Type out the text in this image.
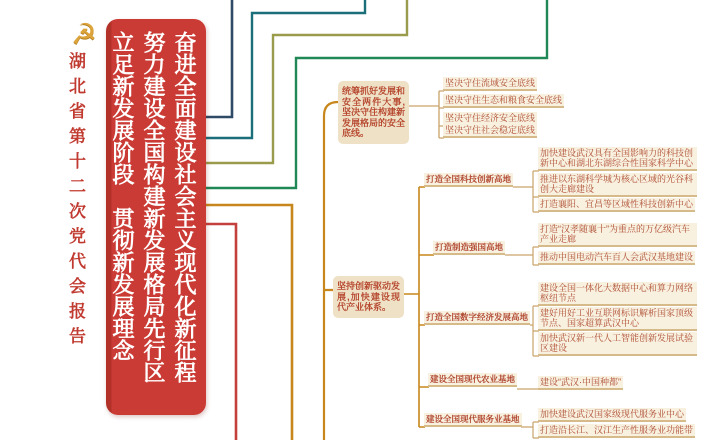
☭
湖北省第十二次党代会报告	奋进全面建设社会主义现代化新征程
努力建设全国构建新发展格局先行区
立足新发展阶段　贯彻新发展理念	统筹抓好发展和安全两件大事,坚决守住构建新发展格局的安全底线。
坚决守住流域安全底线
坚决守住生态和粮食安全底线
坚决守住经济安全底线
坚决守住社会稳定底线
坚持创新驱动发展,加快建设现代产业体系。
打造全国科技创新高地
打造制造强国高地
打造全国数字经济发展高地
建设全国现代农业基地
建设全国现代服务业基地
加快建设武汉具有全国影响力的科技创新中心和湖北东湖综合性国家科学中心
推进以东湖科学城为核心区域的光谷科创大走廊建设
打造襄阳、宜昌等区域性科技创新中心
打造“汉孝随襄十”为重点的万亿级汽车产业走廊
推动中国电动汽车百人会武汉基地建设
建设全国一体化大数据中心和算力网络枢纽节点
建好用好工业互联网标识解析国家顶级节点、国家超算武汉中心
加快武汉新一代人工智能创新发展试验区建设
建设“武汉·中国种都”
加快建设武汉国家级现代服务业中心
打造沿长江、汉江生产性服务业功能带
